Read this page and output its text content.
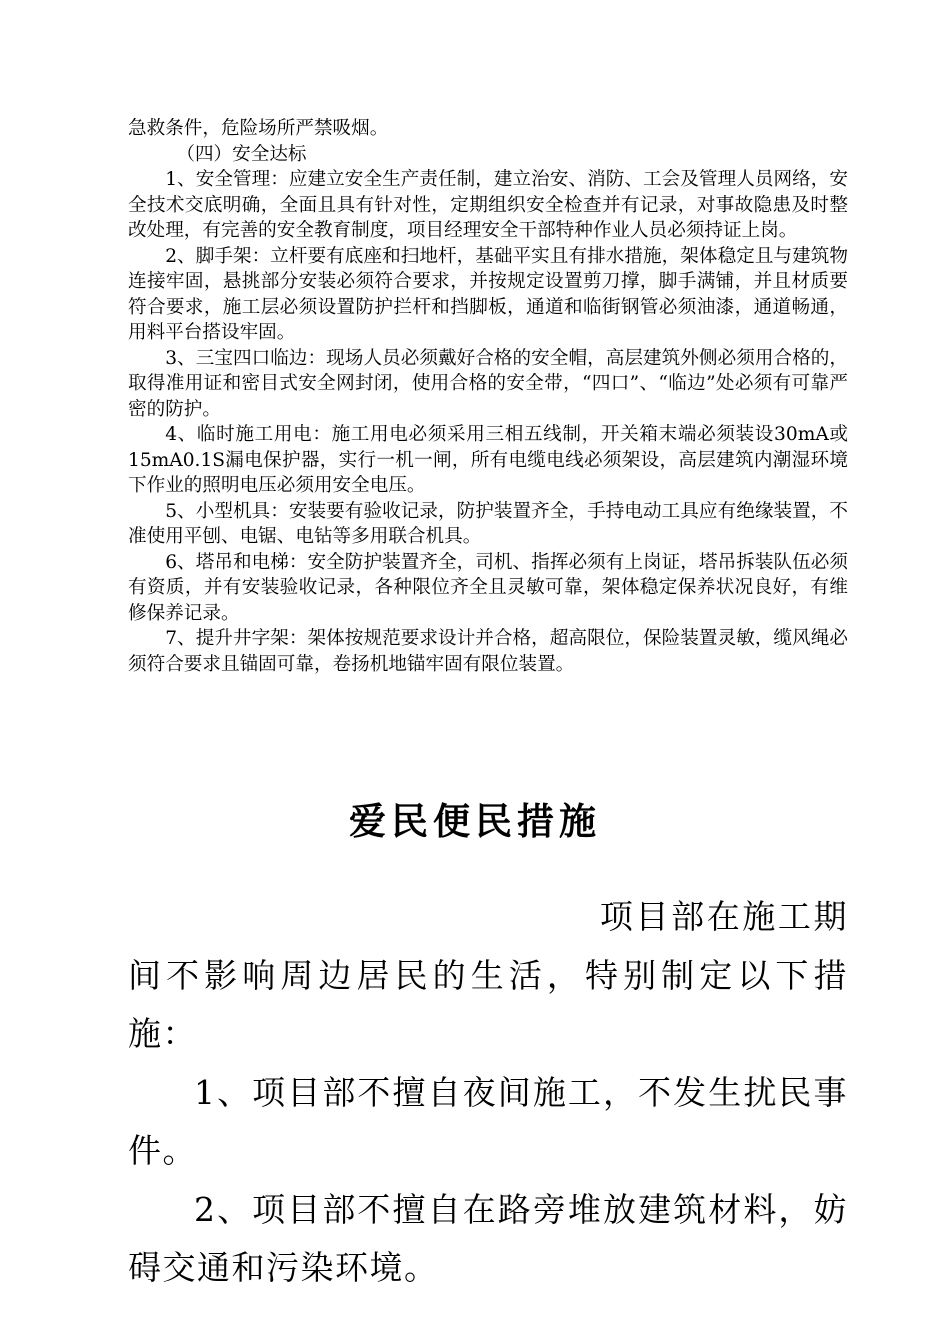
急救条件，危险场所严禁吸烟。

（四）安全达标

1、安全管理：应建立安全生产责任制，建立治安、消防、工会及管理人员网络，安全技术交底明确，全面且具有针对性，定期组织安全检查并有记录，对事故隐患及时整改处理，有完善的安全教育制度，项目经理安全干部特种作业人员必须持证上岗。

2、脚手架：立杆要有底座和扫地杆，基础平实且有排水措施，架体稳定且与建筑物连接牢固，悬挑部分安装必须符合要求，并按规定设置剪刀撑，脚手满铺，并且材质要符合要求，施工层必须设置防护拦杆和挡脚板，通道和临街钢管必须油漆，通道畅通，用料平台搭设牢固。

3、三宝四口临边：现场人员必须戴好合格的安全帽，高层建筑外侧必须用合格的，取得准用证和密目式安全网封闭，使用合格的安全带，“四口”、“临边”处必须有可靠严密的防护。

4、临时施工用电：施工用电必须采用三相五线制，开关箱末端必须装设30mA或15mA0.1S漏电保护器，实行一机一闸，所有电缆电线必须架设，高层建筑内潮湿环境下作业的照明电压必须用安全电压。

5、小型机具：安装要有验收记录，防护装置齐全，手持电动工具应有绝缘装置，不准使用平刨、电锯、电钻等多用联合机具。

6、塔吊和电梯：安全防护装置齐全，司机、指挥必须有上岗证，塔吊拆装队伍必须有资质，并有安装验收记录，各种限位齐全且灵敏可靠，架体稳定保养状况良好，有维修保养记录。

7、提升井字架：架体按规范要求设计并合格，超高限位，保险装置灵敏，缆风绳必须符合要求且锚固可靠，卷扬机地锚牢固有限位装置。

爱民便民措施

项目部在施工期间不影响周边居民的生活，特别制定以下措施：

1、项目部不擅自夜间施工，不发生扰民事件。

2、项目部不擅自在路旁堆放建筑材料，妨碍交通和污染环境。
